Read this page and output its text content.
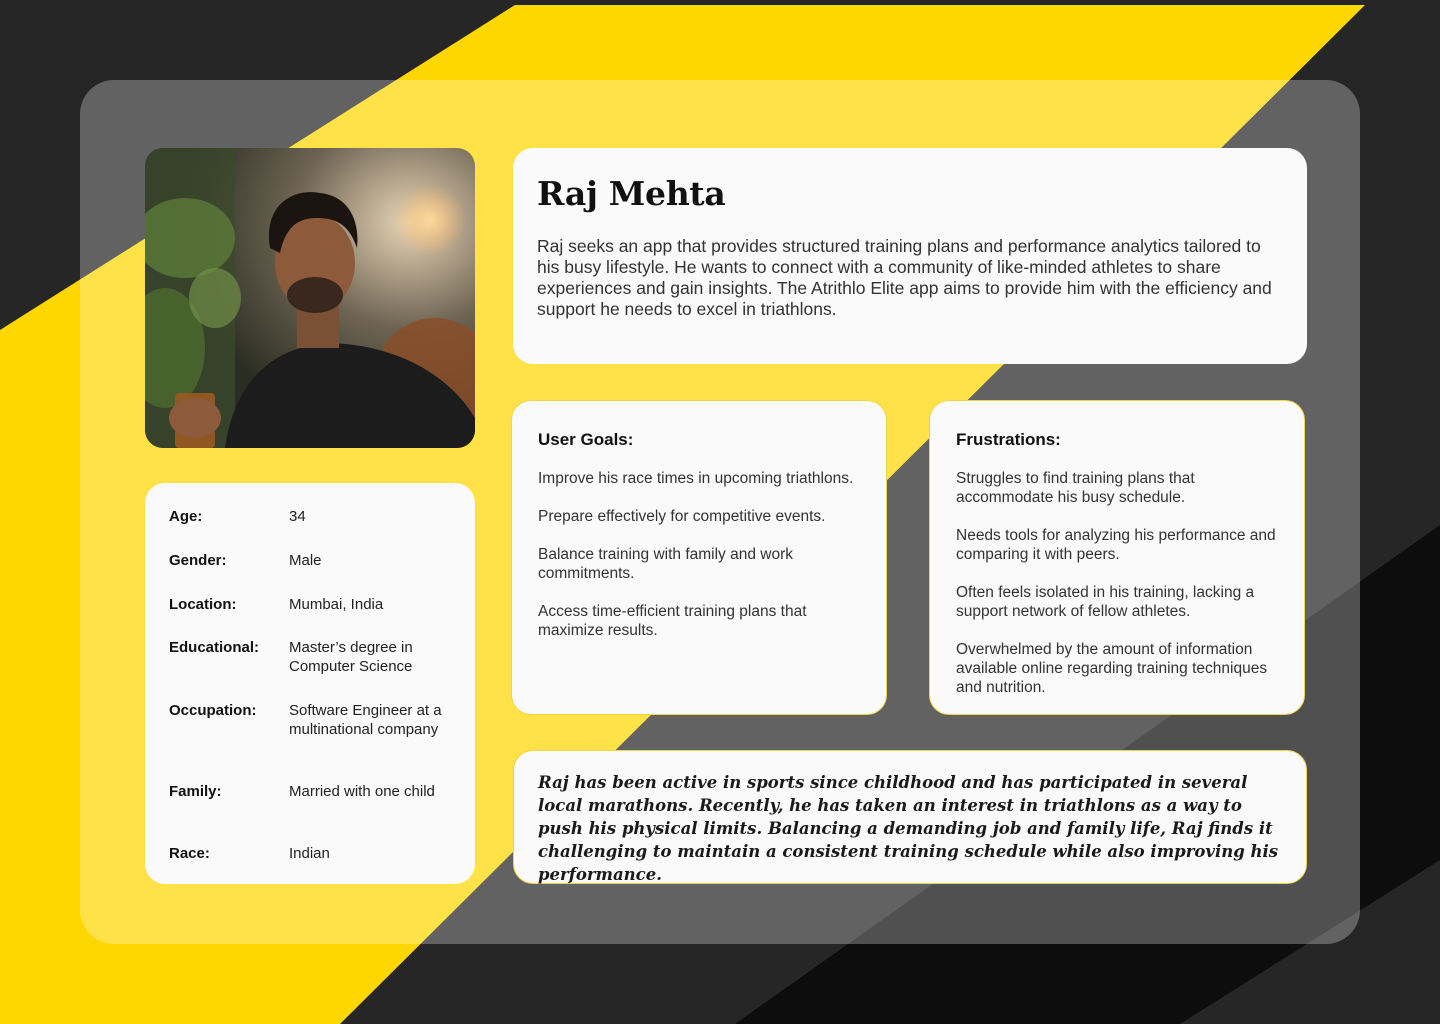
Age:	34
Gender:	Male
Location:	Mumbai, India
Educational:	Master’s degree in Computer Science
Occupation:	Software Engineer at a multinational company
Family:	Married with one child
Race:	Indian
Raj Mehta
Raj seeks an app that provides structured training plans and performance analytics tailored to his busy lifestyle. He wants to connect with a community of like-minded athletes to share experiences and gain insights. The Atrithlo Elite app aims to provide him with the efficiency and support he needs to excel in triathlons.
User Goals:
Improve his race times in upcoming triathlons.
Prepare effectively for competitive events.
Balance training with family and work commitments.
Access time-efficient training plans that maximize results.
Frustrations:
Struggles to find training plans that accommodate his busy schedule.
Needs tools for analyzing his performance and comparing it with peers.
Often feels isolated in his training, lacking a support network of fellow athletes.
Overwhelmed by the amount of information available online regarding training techniques and nutrition.
Raj has been active in sports since childhood and has participated in several local marathons. Recently, he has taken an interest in triathlons as a way to push his physical limits. Balancing a demanding job and family life, Raj finds it challenging to maintain a consistent training schedule while also improving his performance.
